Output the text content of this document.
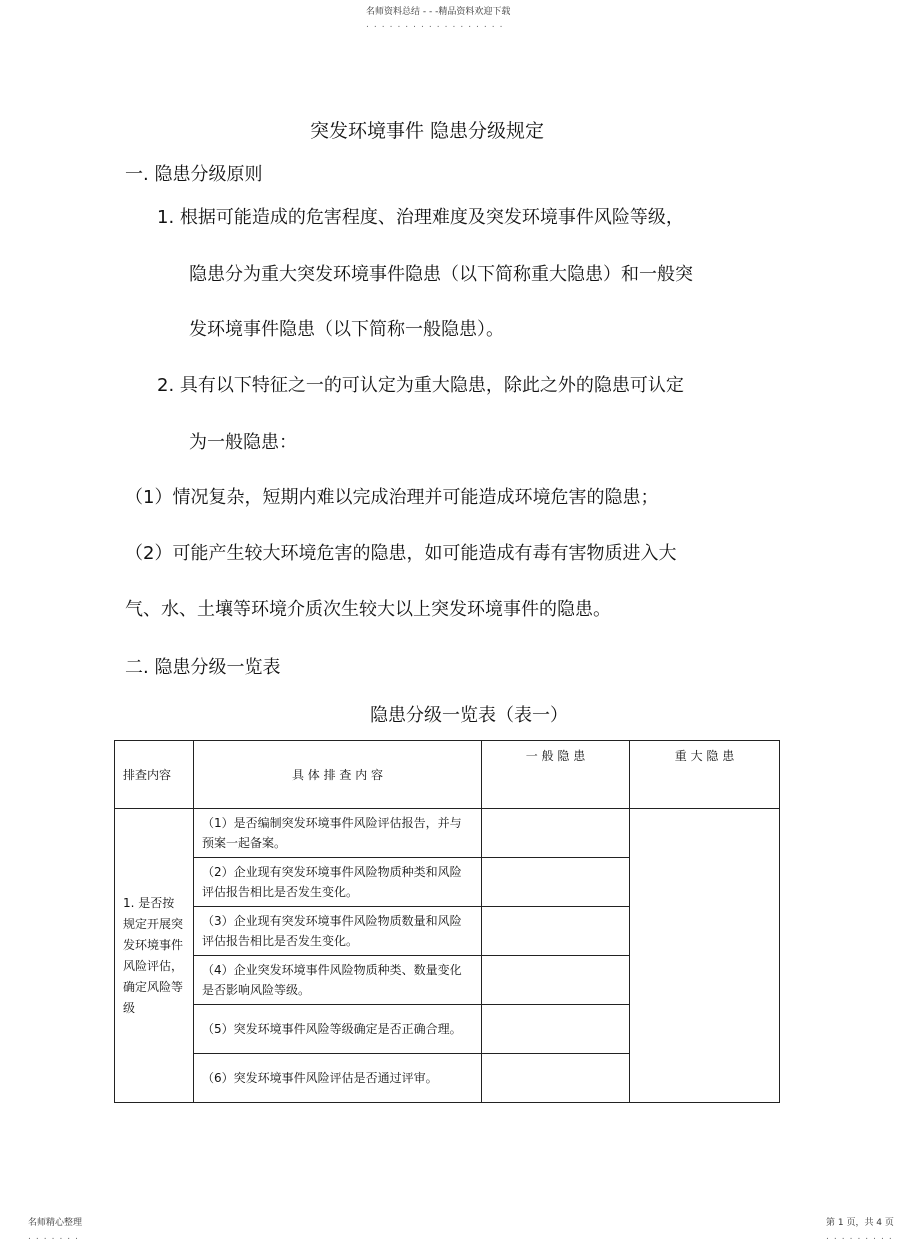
名师资料总结 - - -精品资料欢迎下载
..................
突发环境事件 隐患分级规定
一. 隐患分级原则
1. 根据可能造成的危害程度、治理难度及突发环境事件风险等级，
隐患分为重大突发环境事件隐患（以下简称重大隐患）和一般突
发环境事件隐患（以下简称一般隐患）。
2. 具有以下特征之一的可认定为重大隐患，除此之外的隐患可认定
为一般隐患：
（1）情况复杂，短期内难以完成治理并可能造成环境危害的隐患；
（2）可能产生较大环境危害的隐患，如可能造成有毒有害物质进入大
气、水、土壤等环境介质次生较大以上突发环境事件的隐患。
二. 隐患分级一览表
隐患分级一览表（表一）
排查内容	具 体 排 查 内 容	一 般 隐 患	重 大 隐 患
1. 是否按规定开展突发环境事件风险评估，确定风险等级	（1）是否编制突发环境事件风险评估报告，并与预案一起备案。		
	（2）企业现有突发环境事件风险物质种类和风险评估报告相比是否发生变化。		
	（3）企业现有突发环境事件风险物质数量和风险评估报告相比是否发生变化。		
	（4）企业突发环境事件风险物质种类、数量变化是否影响风险等级。		
	（5）突发环境事件风险等级确定是否正确合理。		
	（6）突发环境事件风险评估是否通过评审。		
名师精心整理
.......
第 1 页，共 4 页
.........
